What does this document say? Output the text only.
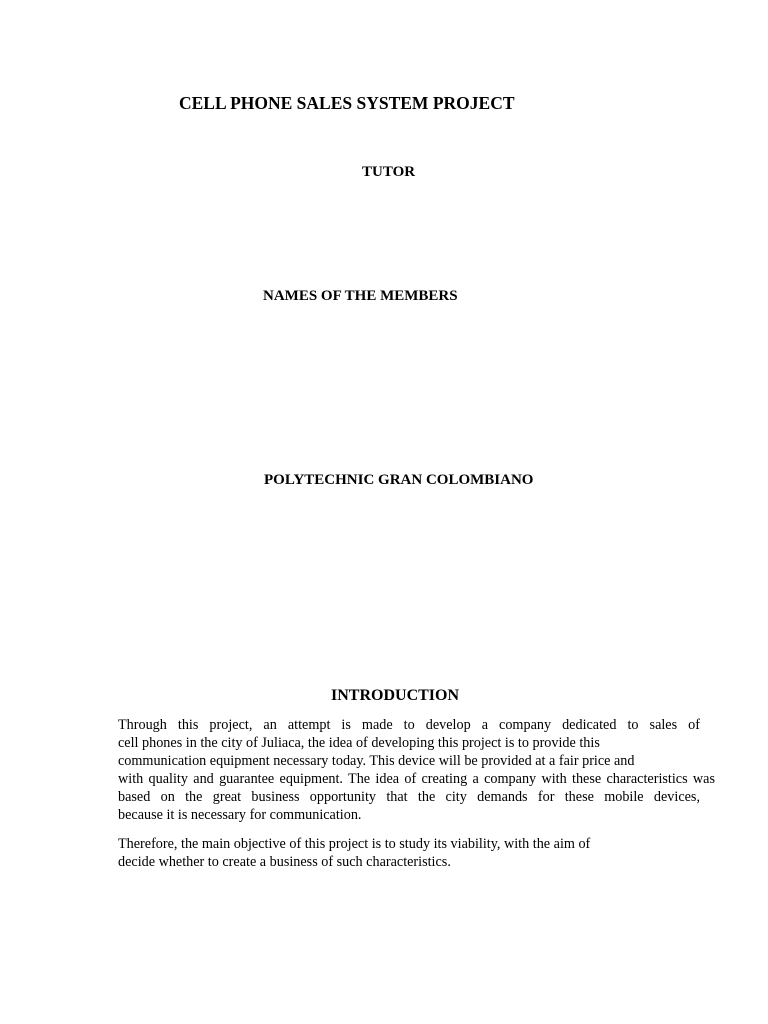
CELL PHONE SALES SYSTEM PROJECT
TUTOR
NAMES OF THE MEMBERS
POLYTECHNIC GRAN COLOMBIANO
INTRODUCTION
Through this project, an attempt is made to develop a company dedicated to sales of
cell phones in the city of Juliaca, the idea of developing this project is to provide this
communication equipment necessary today. This device will be provided at a fair price and
with quality and guarantee equipment. The idea of creating a company with these characteristics was
based on the great business opportunity that the city demands for these mobile devices,
because it is necessary for communication.
Therefore, the main objective of this project is to study its viability, with the aim of
decide whether to create a business of such characteristics.
